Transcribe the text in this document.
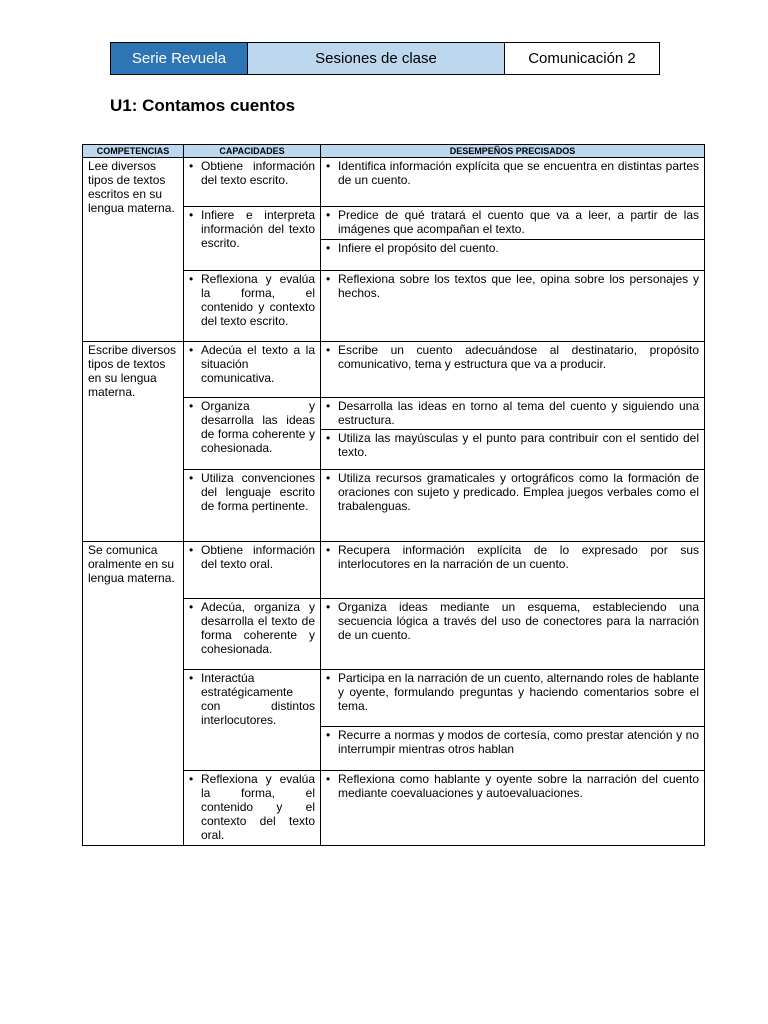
Serie Revuela	Sesiones de clase	Comunicación 2
U1: Contamos cuentos
COMPETENCIAS	CAPACIDADES	DESEMPEÑOS PRECISADOS
Lee diversos tipos de textos escritos en su lengua materna.	• Obtiene información del texto escrito.	• Identifica información explícita que se encuentra en distintas partes de un cuento.

	• Infiere e interpreta información del texto escrito.	• Predice de qué tratará el cuento que va a leer, a partir de las imágenes que acompañan el texto.

		• Infiere el propósito del cuento.

	• Reflexiona y evalúa la forma, el contenido y contexto del texto escrito.	• Reflexiona sobre los textos que lee, opina sobre los personajes y hechos.

Escribe diversos tipos de textos en su lengua materna.	• Adecúa el texto a la situación comunicativa.	• Escribe un cuento adecuándose al destinatario, propósito comunicativo, tema y estructura que va a producir.

	• Organiza y desarrolla las ideas de forma coherente y cohesionada.	• Desarrolla las ideas en torno al tema del cuento y siguiendo una estructura.

		• Utiliza las mayúsculas y el punto para contribuir con el sentido del texto.

	• Utiliza convenciones del lenguaje escrito de forma pertinente.	• Utiliza recursos gramaticales y ortográficos como la formación de oraciones con sujeto y predicado. Emplea juegos verbales como el trabalenguas.

Se comunica oralmente en su lengua materna.	• Obtiene información del texto oral.	• Recupera información explícita de lo expresado por sus interlocutores en la narración de un cuento.

	• Adecúa, organiza y desarrolla el texto de forma coherente y cohesionada.	• Organiza ideas mediante un esquema, estableciendo una secuencia lógica a través del uso de conectores para la narración de un cuento.

	• Interactúa estratégicamente con distintos interlocutores.	• Participa en la narración de un cuento, alternando roles de hablante y oyente, formulando preguntas y haciendo comentarios sobre el tema.

		• Recurre a normas y modos de cortesía, como prestar atención y no interrumpir mientras otros hablan

	• Reflexiona y evalúa la forma, el contenido y el contexto del texto oral.	• Reflexiona como hablante y oyente sobre la narración del cuento mediante coevaluaciones y autoevaluaciones.
